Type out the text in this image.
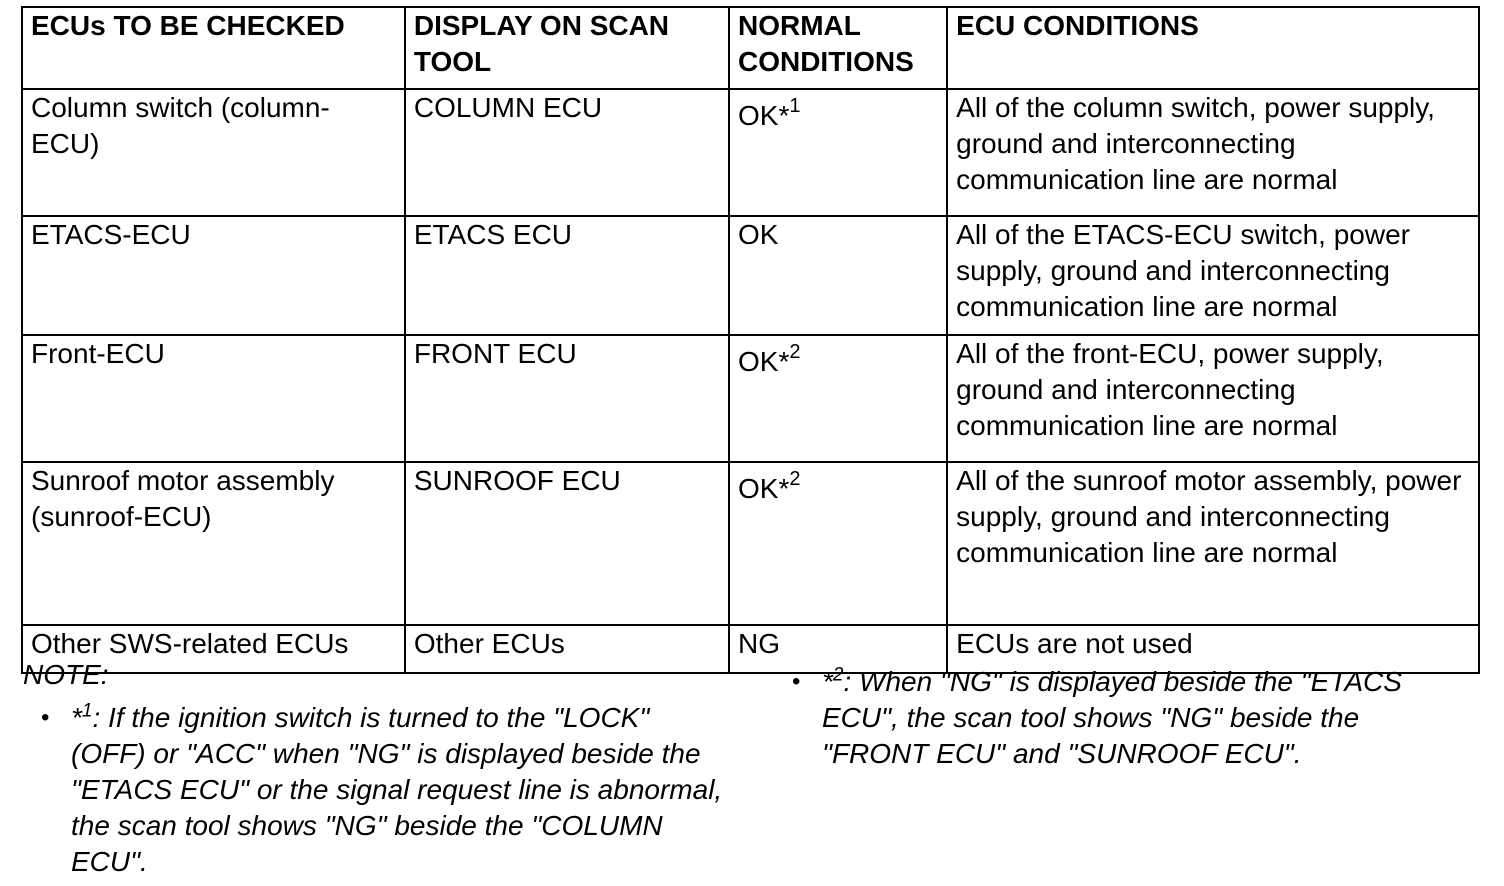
ECUs TO BE CHECKED	DISPLAY ON SCAN TOOL	NORMAL CONDITIONS	ECU CONDITIONS
Column switch (column-ECU)	COLUMN ECU	OK*$^1$	All of the column switch, power supply, ground and interconnecting communication line are normal
ETACS-ECU	ETACS ECU	OK	All of the ETACS-ECU switch, power supply, ground and interconnecting communication line are normal
Front-ECU	FRONT ECU	OK*$^2$	All of the front-ECU, power supply, ground and interconnecting communication line are normal
Sunroof motor assembly (sunroof-ECU)	SUNROOF ECU	OK*$^2$	All of the sunroof motor assembly, power supply, ground and interconnecting communication line are normal
Other SWS-related ECUs	Other ECUs	NG	ECUs are not used
NOTE:
• *$^1$: If the ignition switch is turned to the "LOCK" (OFF) or "ACC" when "NG" is displayed beside the "ETACS ECU" or the signal request line is abnormal, the scan tool shows "NG" beside the "COLUMN ECU".
• *$^2$: When "NG" is displayed beside the "ETACS ECU", the scan tool shows "NG" beside the "FRONT ECU" and "SUNROOF ECU".
